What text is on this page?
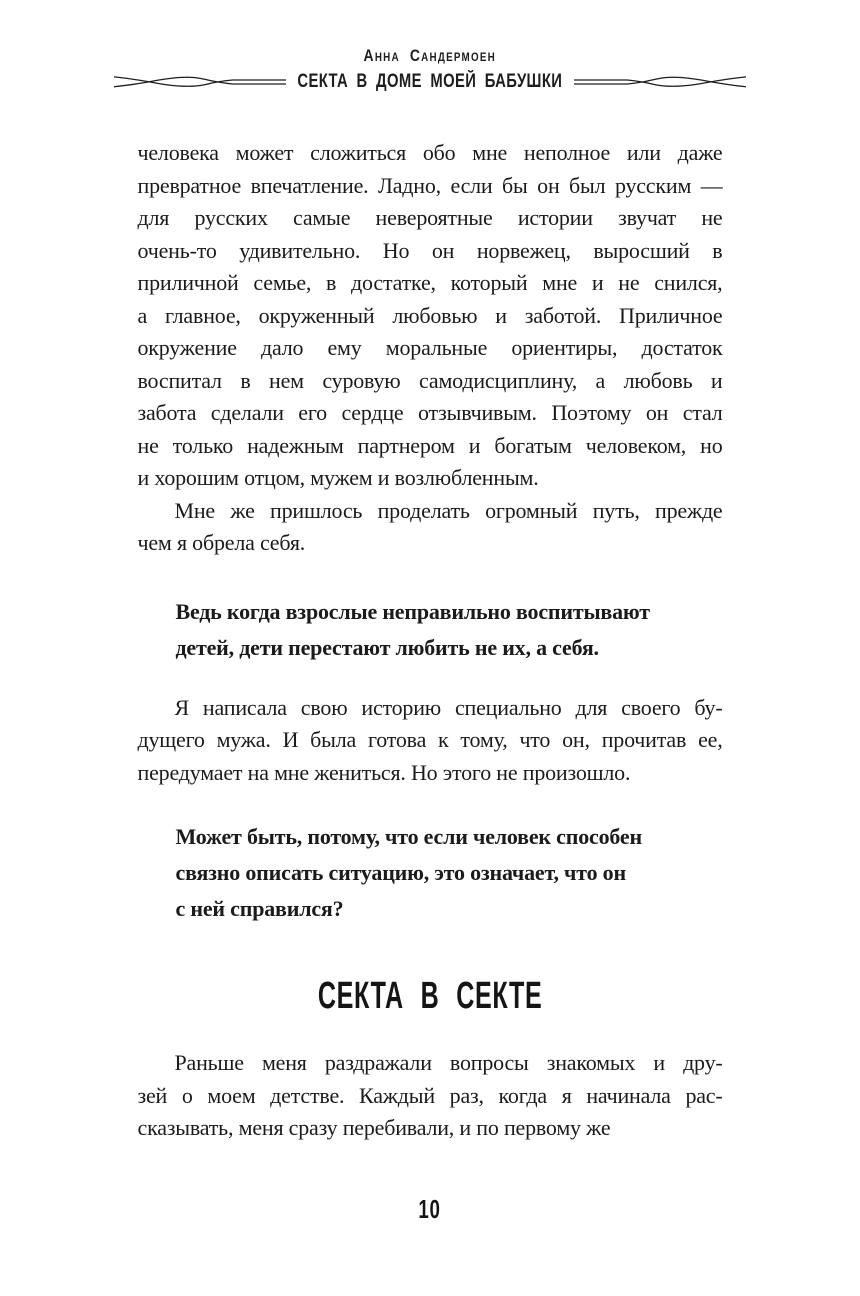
Анна Сандермоен
СЕКТА В ДОМЕ МОЕЙ БАБУШКИ
человека может сложиться обо мне неполное или даже
превратное впечатление. Ладно, если бы он был русским —
для русских самые невероятные истории звучат не
очень-то удивительно. Но он норвежец, выросший в
приличной семье, в достатке, который мне и не снился,
а главное, окруженный любовью и заботой. Приличное
окружение дало ему моральные ориентиры, достаток
воспитал в нем суровую самодисциплину, а любовь и
забота сделали его сердце отзывчивым. Поэтому он стал
не только надежным партнером и богатым человеком, но
и хорошим отцом, мужем и возлюбленным.
Мне же пришлось проделать огромный путь, прежде
чем я обрела себя.
Ведь когда взрослые неправильно воспитывают
детей, дети перестают любить не их, а себя.
Я написала свою историю специально для своего бу-
дущего мужа. И была готова к тому, что он, прочитав ее,
передумает на мне жениться. Но этого не произошло.
Может быть, потому, что если человек способен
связно описать ситуацию, это означает, что он
с ней справился?
СЕКТА В СЕКТЕ
Раньше меня раздражали вопросы знакомых и дру-
зей о моем детстве. Каждый раз, когда я начинала рас-
сказывать, меня сразу перебивали, и по первому же
10
